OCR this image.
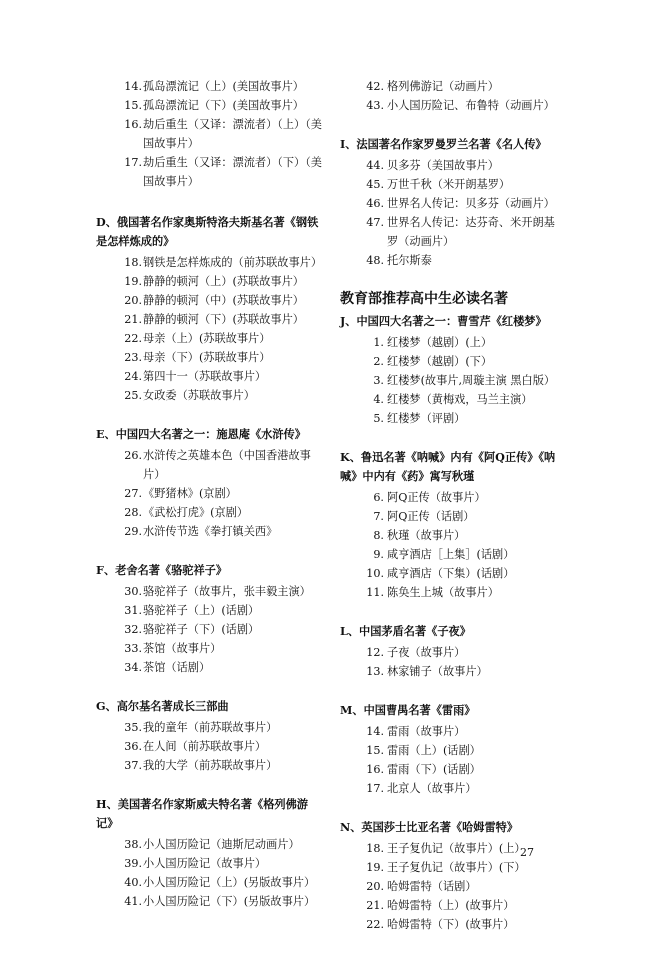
14. 孤岛漂流记（上）(美国故事片）
15. 孤岛漂流记（下）(美国故事片）
16. 劫后重生（又译：漂流者）（上）（美国故事片）
17. 劫后重生（又译：漂流者）（下）（美国故事片）
D、俄国著名作家奥斯特洛夫斯基名著《钢铁是怎样炼成的》
18. 钢铁是怎样炼成的（前苏联故事片）
19. 静静的顿河（上）(苏联故事片）
20. 静静的顿河（中）(苏联故事片）
21. 静静的顿河（下）(苏联故事片）
22. 母亲（上）(苏联故事片）
23. 母亲（下）(苏联故事片）
24. 第四十一（苏联故事片）
25. 女政委（苏联故事片）
E、中国四大名著之一：施恩庵《水浒传》
26. 水浒传之英雄本色（中国香港故事片）
27. 《野猪林》(京剧）
28. 《武松打虎》(京剧）
29. 水浒传节选《拳打镇关西》
F、老舍名著《骆驼祥子》
30. 骆驼祥子（故事片，张丰毅主演）
31. 骆驼祥子（上）(话剧）
32. 骆驼祥子（下）(话剧）
33. 茶馆（故事片）
34. 茶馆（话剧）
G、高尔基名著成长三部曲
35. 我的童年（前苏联故事片）
36. 在人间（前苏联故事片）
37. 我的大学（前苏联故事片）
H、美国著名作家斯威夫特名著《格列佛游记》
38. 小人国历险记（迪斯尼动画片）
39. 小人国历险记（故事片）
40. 小人国历险记（上）(另版故事片）
41. 小人国历险记（下）(另版故事片）
42. 格列佛游记（动画片）
43. 小人国历险记、布鲁特（动画片）
I、法国著名作家罗曼罗兰名著《名人传》
44. 贝多芬（美国故事片）
45. 万世千秋（米开朗基罗）
46. 世界名人传记：贝多芬（动画片）
47. 世界名人传记：达芬奇、米开朗基罗（动画片）
48. 托尔斯泰
教育部推荐高中生必读名著
J、中国四大名著之一：曹雪芹《红楼梦》
1. 红楼梦（越剧）(上）
2. 红楼梦（越剧）(下）
3. 红楼梦(故事片,周璇主演 黑白版）
4. 红楼梦（黄梅戏，马兰主演）
5. 红楼梦（评剧）
K、鲁迅名著《呐喊》内有《阿Q正传》《呐喊》中内有《药》寓写秋瑾
6. 阿Q正传（故事片）
7. 阿Q正传（话剧）
8. 秋瑾（故事片）
9. 咸亨酒店［上集］(话剧）
10. 咸亨酒店（下集）(话剧）
11. 陈奂生上城（故事片）
L、中国茅盾名著《子夜》
12. 子夜（故事片）
13. 林家铺子（故事片）
M、中国曹禺名著《雷雨》
14. 雷雨（故事片）
15. 雷雨（上）(话剧）
16. 雷雨（下）(话剧）
17. 北京人（故事片）
N、英国莎士比亚名著《哈姆雷特》
18. 王子复仇记（故事片）(上）
19. 王子复仇记（故事片）(下）
20. 哈姆雷特（话剧）
21. 哈姆雷特（上）(故事片）
22. 哈姆雷特（下）(故事片）
27
